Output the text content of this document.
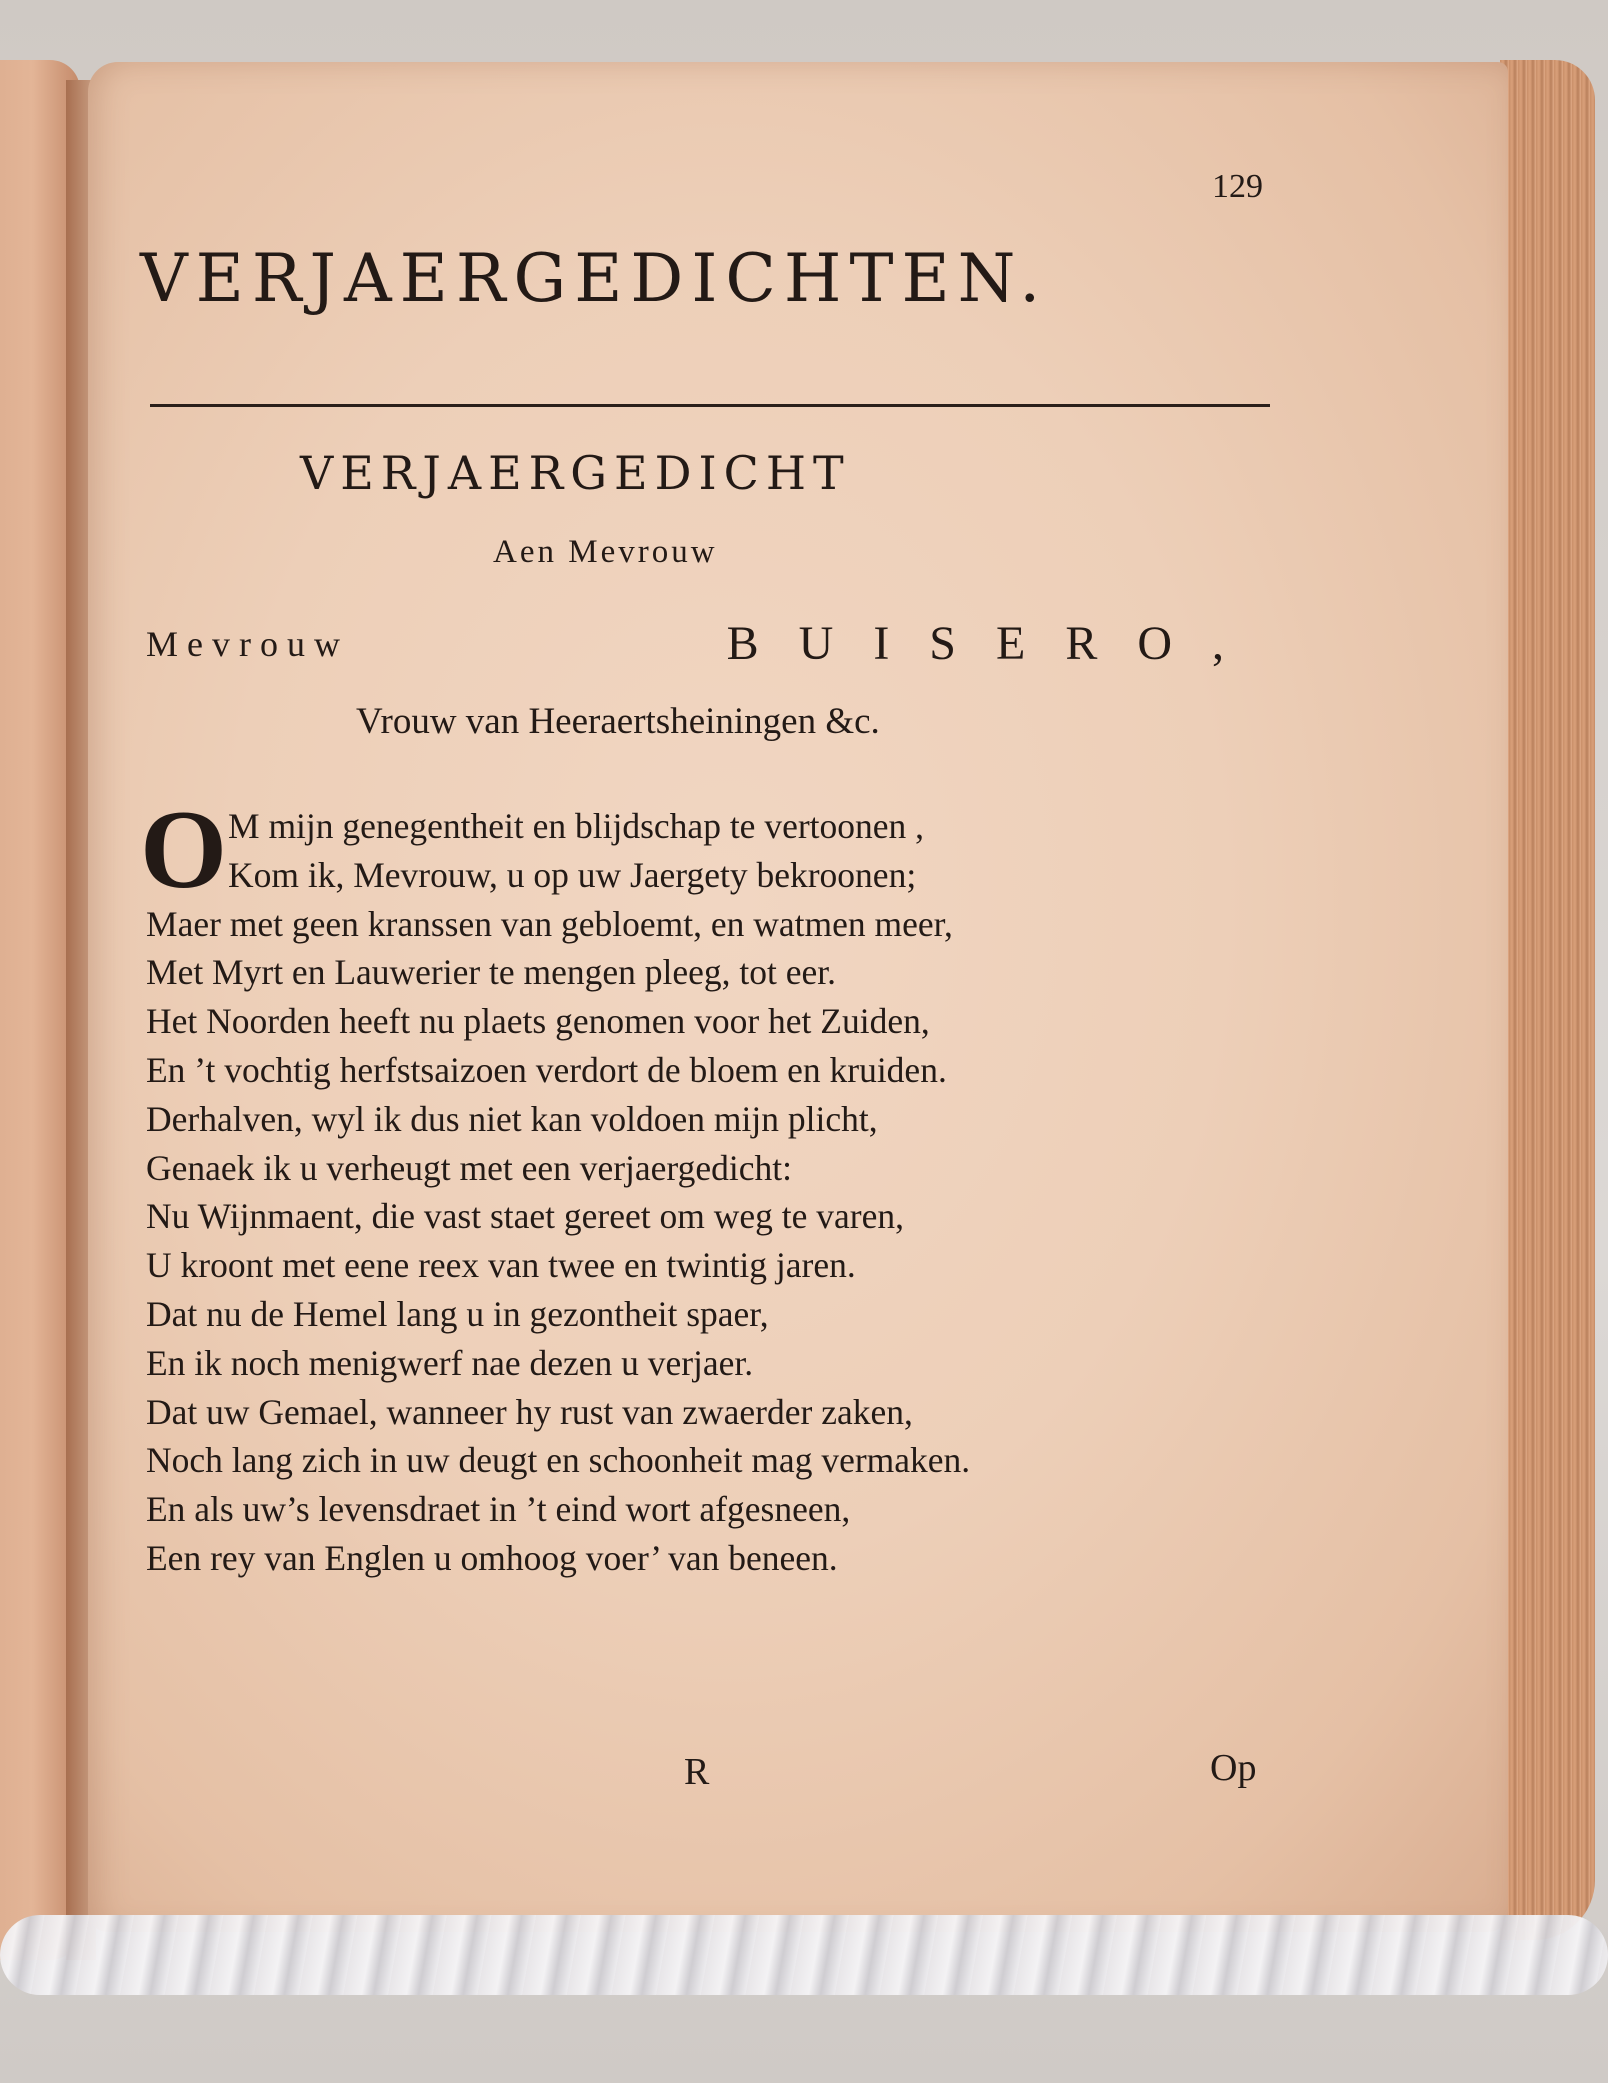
VERJAERGEDICHTEN.
129
VERJAERGEDICHT
Aen Mevrouw
Mevrouw	BUISERO,
Vrouw van Heeraertsheiningen &c.
O M mijn genegentheit en blijdschap te vertoonen ,
Kom ik, Mevrouw, u op uw Jaergety bekroonen;
Maer met geen kranssen van gebloemt, en watmen meer,
Met Myrt en Lauwerier te mengen pleeg, tot eer.
Het Noorden heeft nu plaets genomen voor het Zuiden,
En ’t vochtig herfstsaizoen verdort de bloem en kruiden.
Derhalven, wyl ik dus niet kan voldoen mijn plicht,
Genaek ik u verheugt met een verjaergedicht:
Nu Wijnmaent, die vast staet gereet om weg te varen,
U kroont met eene reex van twee en twintig jaren.
Dat nu de Hemel lang u in gezontheit spaer,
En ik noch menigwerf nae dezen u verjaer.
Dat uw Gemael, wanneer hy rust van zwaerder zaken,
Noch lang zich in uw deugt en schoonheit mag vermaken.
En als uw’s levensdraet in ’t eind wort afgesneen,
Een rey van Englen u omhoog voer’ van beneen.
R	Op
